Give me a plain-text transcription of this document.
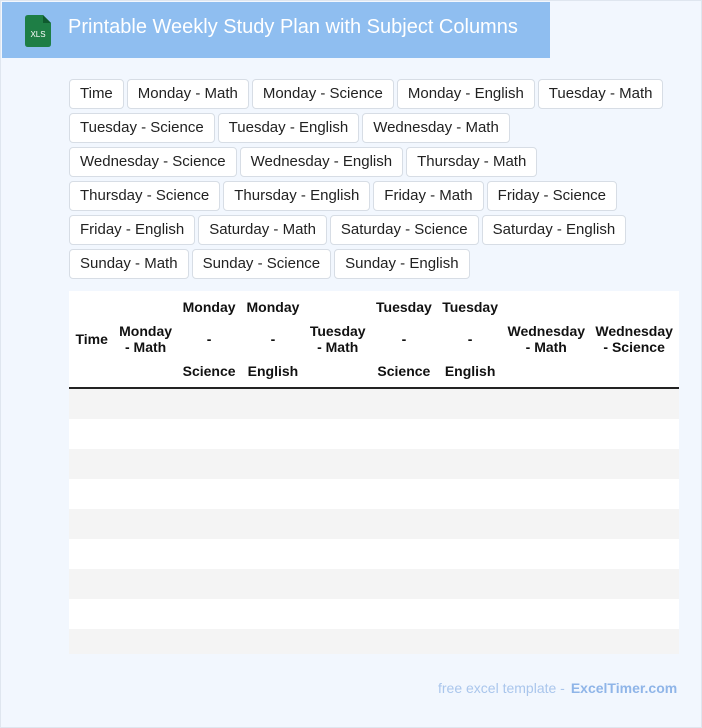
XLS Printable Weekly Study Plan with Subject Columns
Time	Monday - Math	Monday - Science	Monday - English	Tuesday - Math
Tuesday - Science	Tuesday - English	Wednesday - Math
Wednesday - Science	Wednesday - English	Thursday - Math
Thursday - Science	Thursday - English	Friday - Math	Friday - Science
Friday - English	Saturday - Math	Saturday - Science	Saturday - English
Sunday - Math	Sunday - Science	Sunday - English
Time	Monday - Math	Monday - Science	Monday - English	Tuesday - Math	Tuesday - Science	Tuesday - English	Wednesday - Math	Wednesday - Science

free excel template - ExcelTimer.com
